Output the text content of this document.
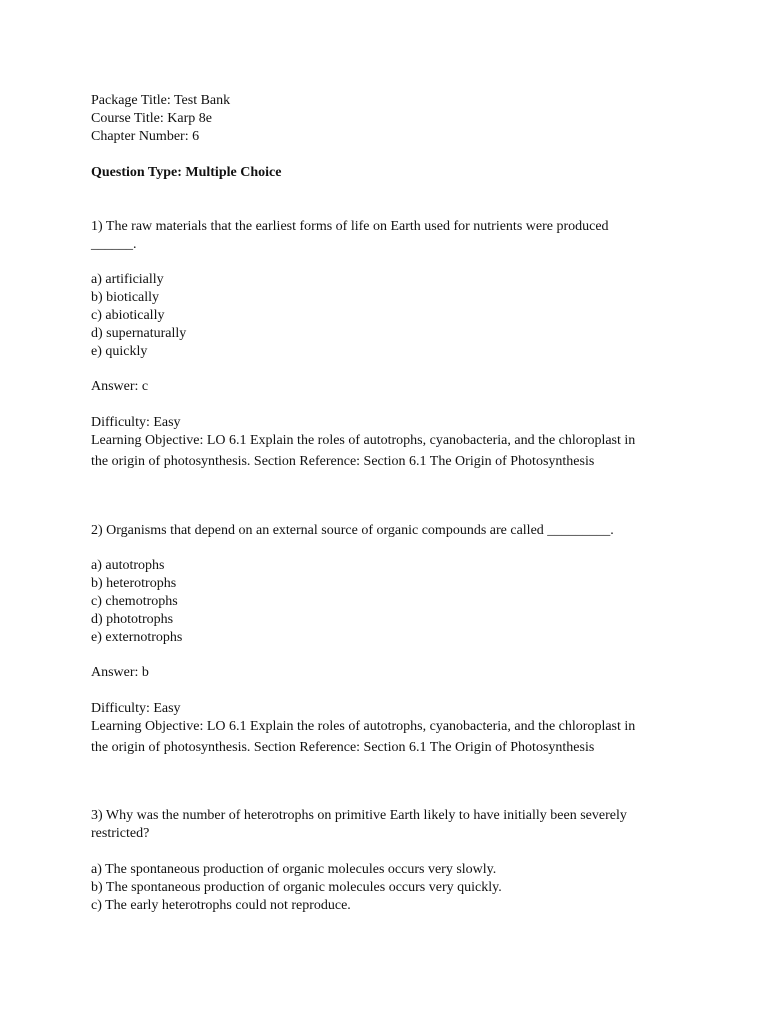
Package Title: Test Bank
Course Title: Karp 8e
Chapter Number: 6
Question Type: Multiple Choice
1) The raw materials that the earliest forms of life on Earth used for nutrients were produced
______.
a) artificially
b) biotically
c) abiotically
d) supernaturally
e) quickly
Answer: c
Difficulty: Easy
Learning Objective: LO 6.1 Explain the roles of autotrophs, cyanobacteria, and the chloroplast in
the origin of photosynthesis. Section Reference: Section 6.1 The Origin of Photosynthesis
2) Organisms that depend on an external source of organic compounds are called _________.
a) autotrophs
b) heterotrophs
c) chemotrophs
d) phototrophs
e) externotrophs
Answer: b
Difficulty: Easy
Learning Objective: LO 6.1 Explain the roles of autotrophs, cyanobacteria, and the chloroplast in
the origin of photosynthesis. Section Reference: Section 6.1 The Origin of Photosynthesis
3) Why was the number of heterotrophs on primitive Earth likely to have initially been severely
restricted?
a) The spontaneous production of organic molecules occurs very slowly.
b) The spontaneous production of organic molecules occurs very quickly.
c) The early heterotrophs could not reproduce.
